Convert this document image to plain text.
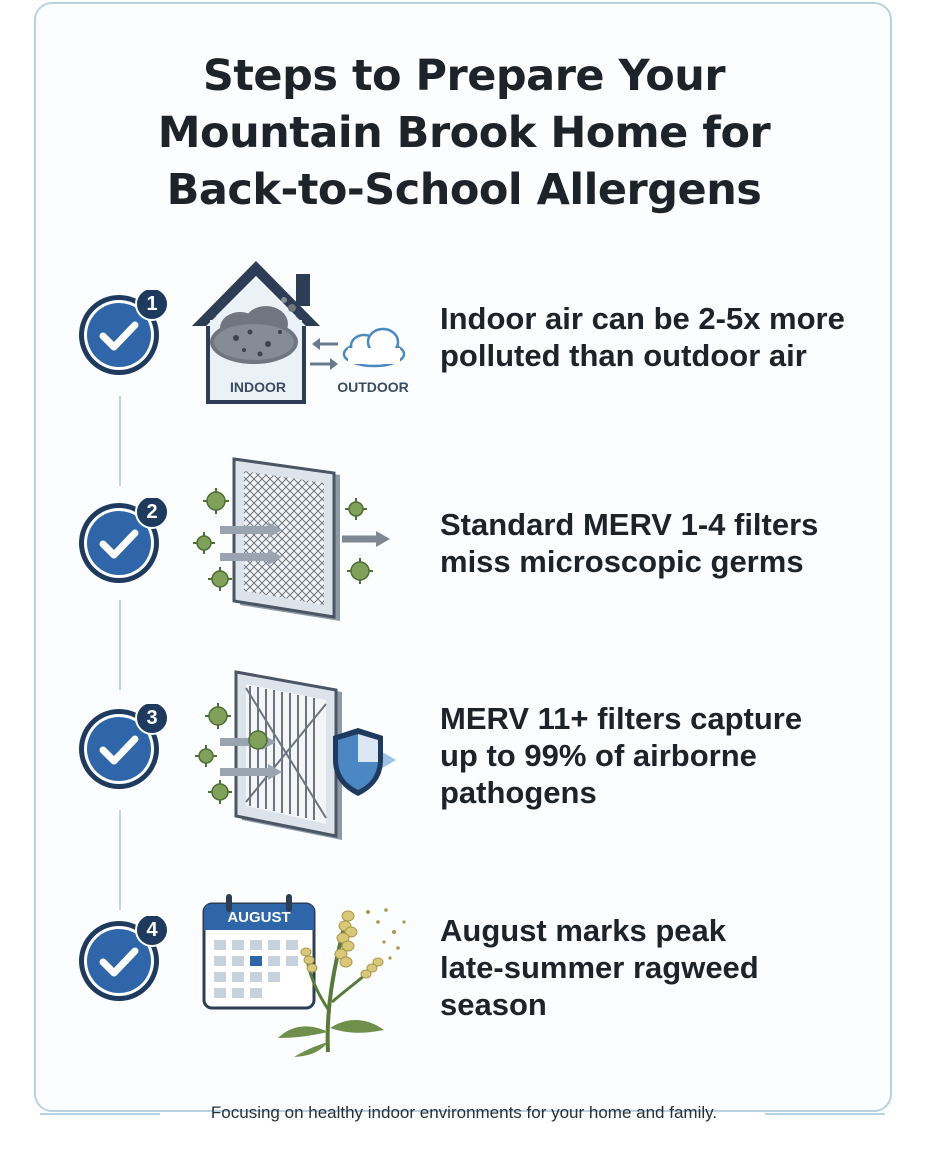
Steps to Prepare Your
Mountain Brook Home for
Back-to-School Allergens
1
INDOOR	OUTDOOR

Indoor air can be 2-5x more
polluted than outdoor air

2	Standard MERV 1-4 filters
miss microscopic germs

3	MERV 11+ filters capture
up to 99% of airborne
pathogens

4
AUGUST	August marks peak
late-summer ragweed
season

Focusing on healthy indoor environments for your home and family.
